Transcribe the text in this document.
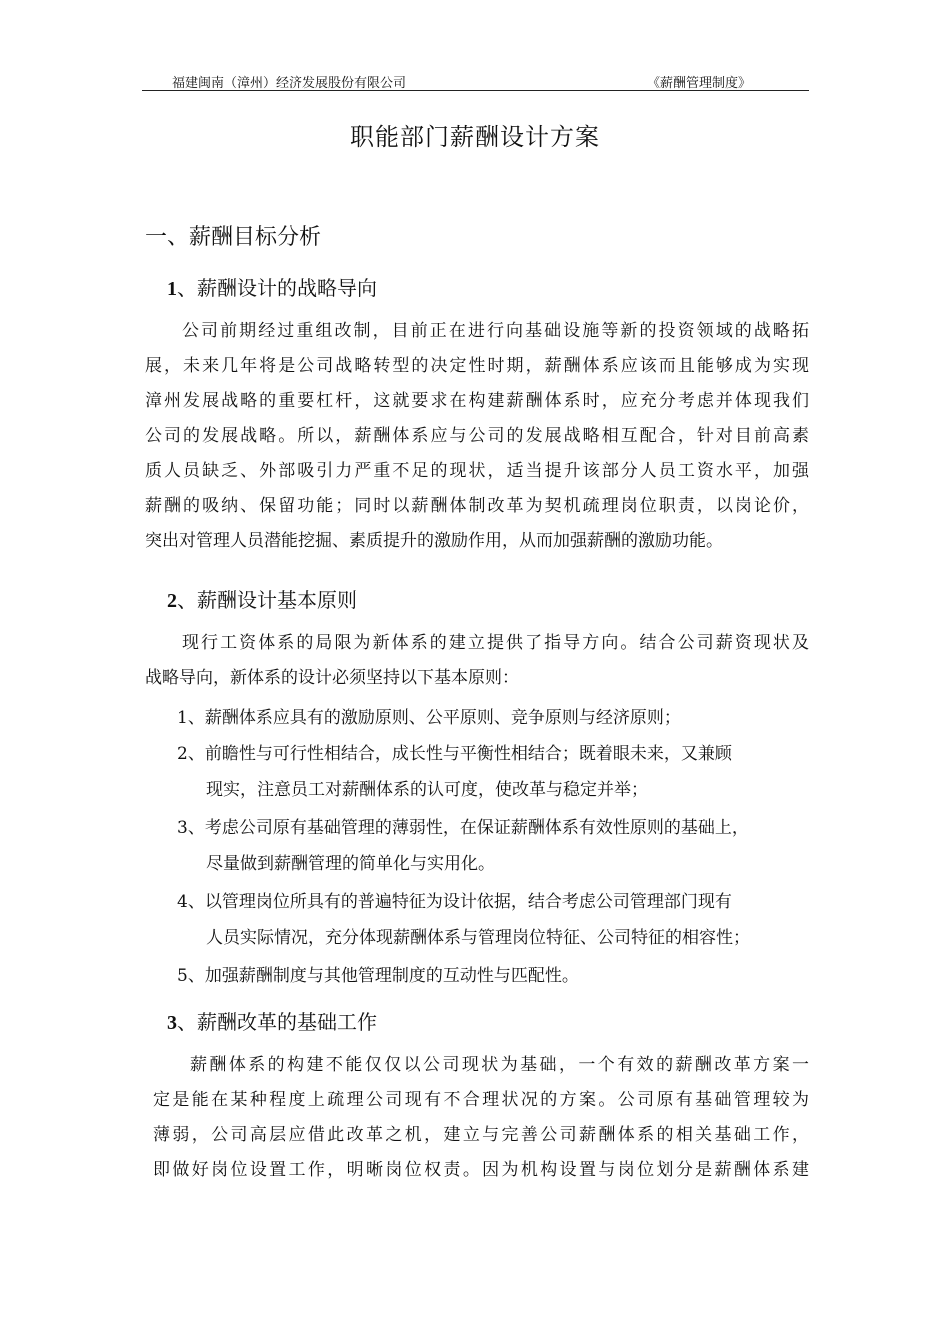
福建闽南（漳州）经济发展股份有限公司	《薪酬管理制度》
职能部门薪酬设计方案
一、薪酬目标分析
1、薪酬设计的战略导向
公司前期经过重组改制，目前正在进行向基础设施等新的投资领域的战略拓
展，未来几年将是公司战略转型的决定性时期，薪酬体系应该而且能够成为实现
漳州发展战略的重要杠杆，这就要求在构建薪酬体系时，应充分考虑并体现我们
公司的发展战略。所以，薪酬体系应与公司的发展战略相互配合，针对目前高素
质人员缺乏、外部吸引力严重不足的现状，适当提升该部分人员工资水平，加强
薪酬的吸纳、保留功能；同时以薪酬体制改革为契机疏理岗位职责，以岗论价，
突出对管理人员潜能挖掘、素质提升的激励作用，从而加强薪酬的激励功能。
2、薪酬设计基本原则
现行工资体系的局限为新体系的建立提供了指导方向。结合公司薪资现状及
战略导向，新体系的设计必须坚持以下基本原则：
1、薪酬体系应具有的激励原则、公平原则、竞争原则与经济原则；
2、前瞻性与可行性相结合，成长性与平衡性相结合；既着眼未来，又兼顾
现实，注意员工对薪酬体系的认可度，使改革与稳定并举；
3、考虑公司原有基础管理的薄弱性，在保证薪酬体系有效性原则的基础上，
尽量做到薪酬管理的简单化与实用化。
4、以管理岗位所具有的普遍特征为设计依据，结合考虑公司管理部门现有
人员实际情况，充分体现薪酬体系与管理岗位特征、公司特征的相容性；
5、加强薪酬制度与其他管理制度的互动性与匹配性。
3、薪酬改革的基础工作
薪酬体系的构建不能仅仅以公司现状为基础，一个有效的薪酬改革方案一
定是能在某种程度上疏理公司现有不合理状况的方案。公司原有基础管理较为
薄弱，公司高层应借此改革之机，建立与完善公司薪酬体系的相关基础工作，
即做好岗位设置工作，明晰岗位权责。因为机构设置与岗位划分是薪酬体系建
